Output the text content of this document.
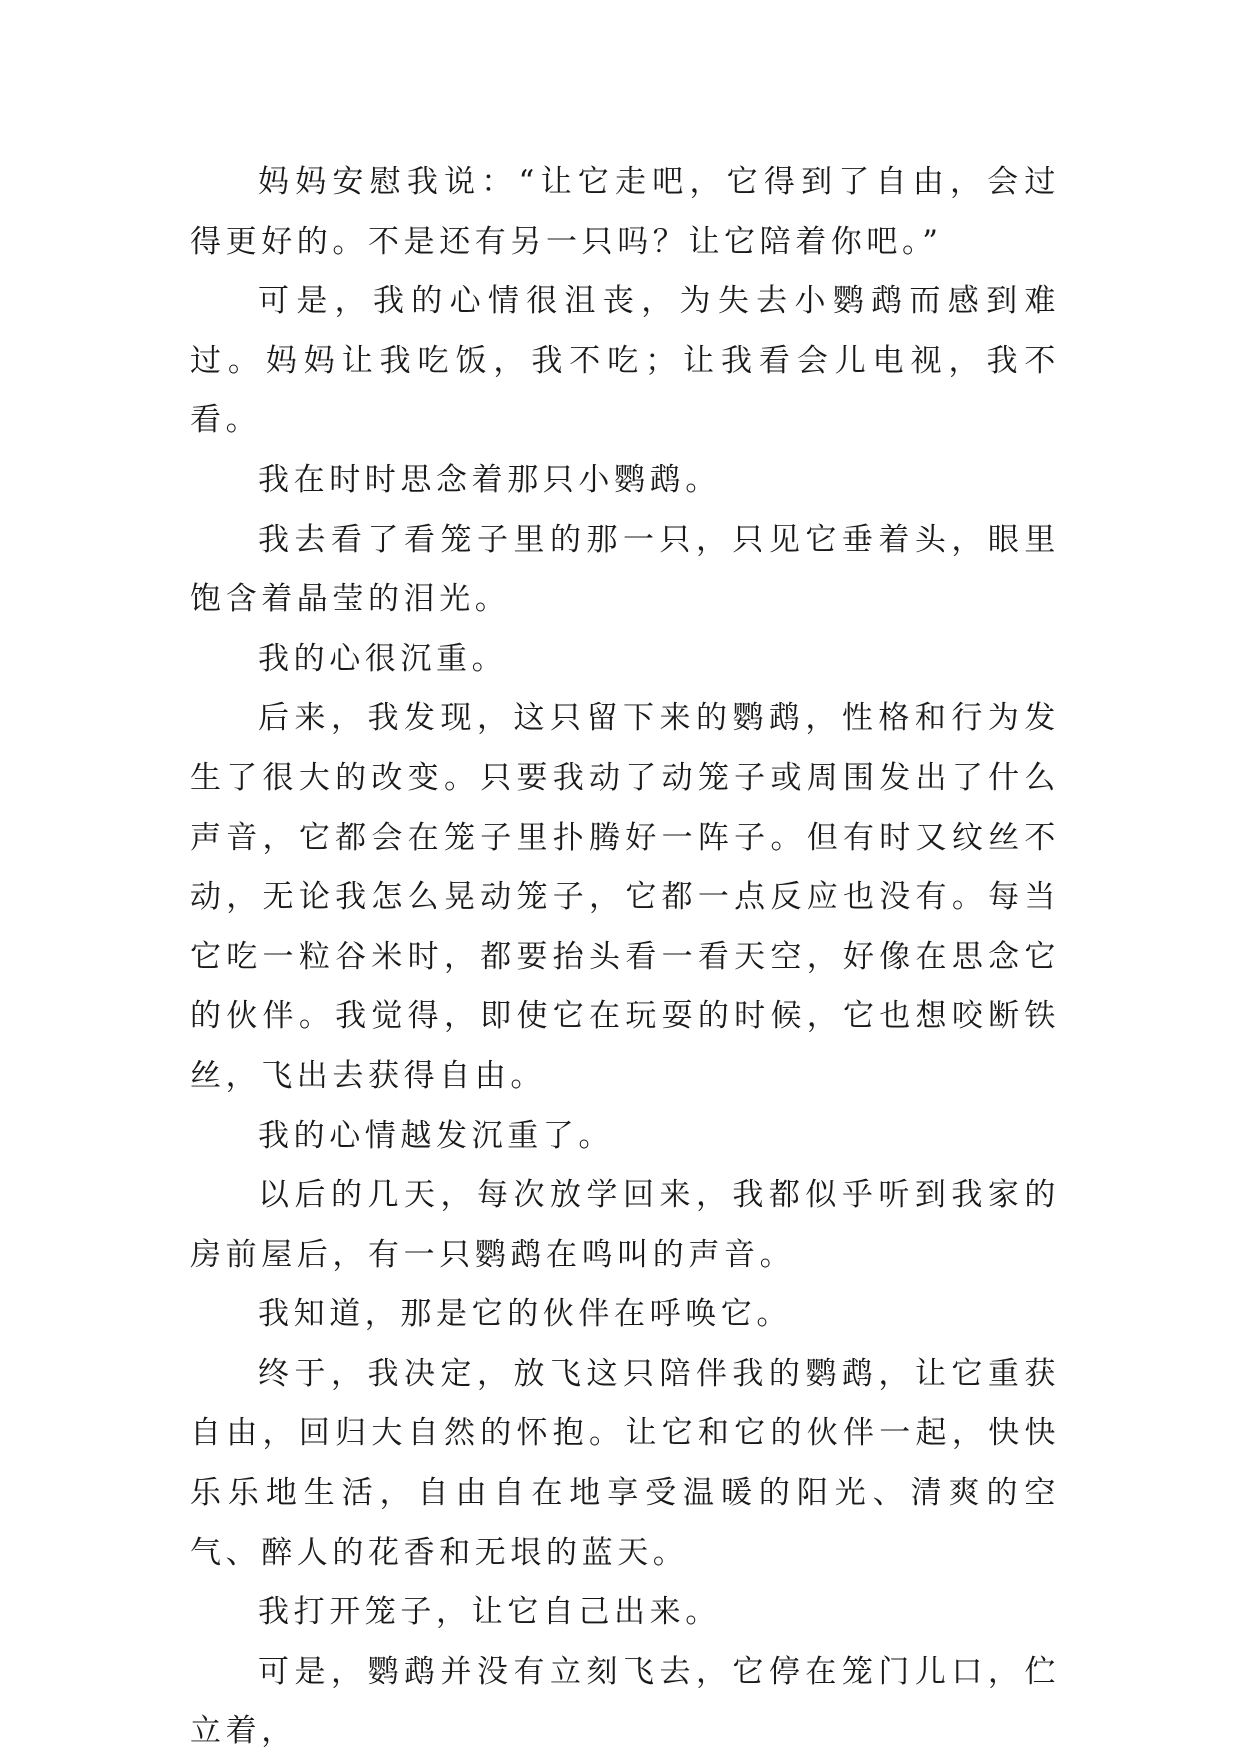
妈妈安慰我说：“让它走吧，它得到了自由，会过得更好的。不是还有另一只吗？让它陪着你吧。”

可是，我的心情很沮丧，为失去小鹦鹉而感到难过。妈妈让我吃饭，我不吃；让我看会儿电视，我不看。

我在时时思念着那只小鹦鹉。

我去看了看笼子里的那一只，只见它垂着头，眼里饱含着晶莹的泪光。

我的心很沉重。

后来，我发现，这只留下来的鹦鹉，性格和行为发生了很大的改变。只要我动了动笼子或周围发出了什么声音，它都会在笼子里扑腾好一阵子。但有时又纹丝不动，无论我怎么晃动笼子，它都一点反应也没有。每当它吃一粒谷米时，都要抬头看一看天空，好像在思念它的伙伴。我觉得，即使它在玩耍的时候，它也想咬断铁丝，飞出去获得自由。

我的心情越发沉重了。

以后的几天，每次放学回来，我都似乎听到我家的房前屋后，有一只鹦鹉在鸣叫的声音。

我知道，那是它的伙伴在呼唤它。

终于，我决定，放飞这只陪伴我的鹦鹉，让它重获自由，回归大自然的怀抱。让它和它的伙伴一起，快快乐乐地生活，自由自在地享受温暖的阳光、清爽的空气、醉人的花香和无垠的蓝天。

我打开笼子，让它自己出来。

可是，鹦鹉并没有立刻飞去，它停在笼门儿口，伫立着，
